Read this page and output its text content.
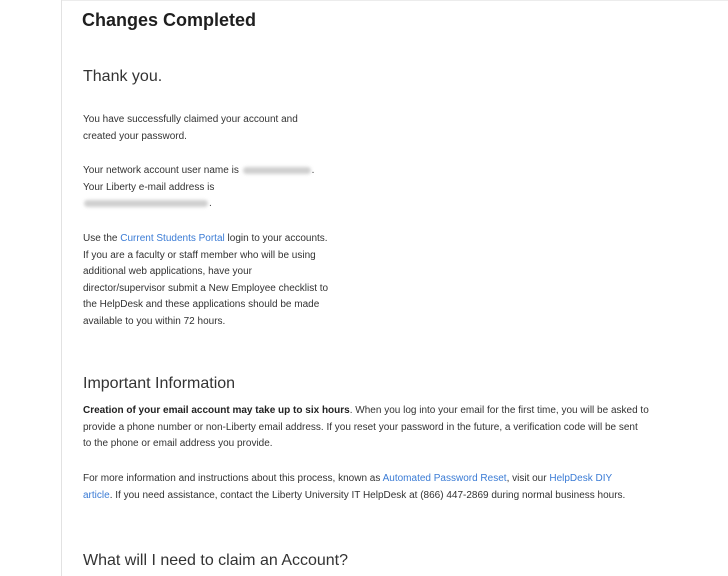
Changes Completed
Thank you.
You have successfully claimed your account and
created your password.
Your network account user name is	.
Your Liberty e-mail address is
.
Use the Current Students Portal login to your accounts.
If you are a faculty or staff member who will be using
additional web applications, have your
director/supervisor submit a New Employee checklist to
the HelpDesk and these applications should be made
available to you within 72 hours.
Important Information
Creation of your email account may take up to six hours. When you log into your email for the first time, you will be asked to
provide a phone number or non-Liberty email address. If you reset your password in the future, a verification code will be sent
to the phone or email address you provide.
For more information and instructions about this process, known as Automated Password Reset, visit our HelpDesk DIY
article. If you need assistance, contact the Liberty University IT HelpDesk at (866) 447-2869 during normal business hours.
What will I need to claim an Account?
